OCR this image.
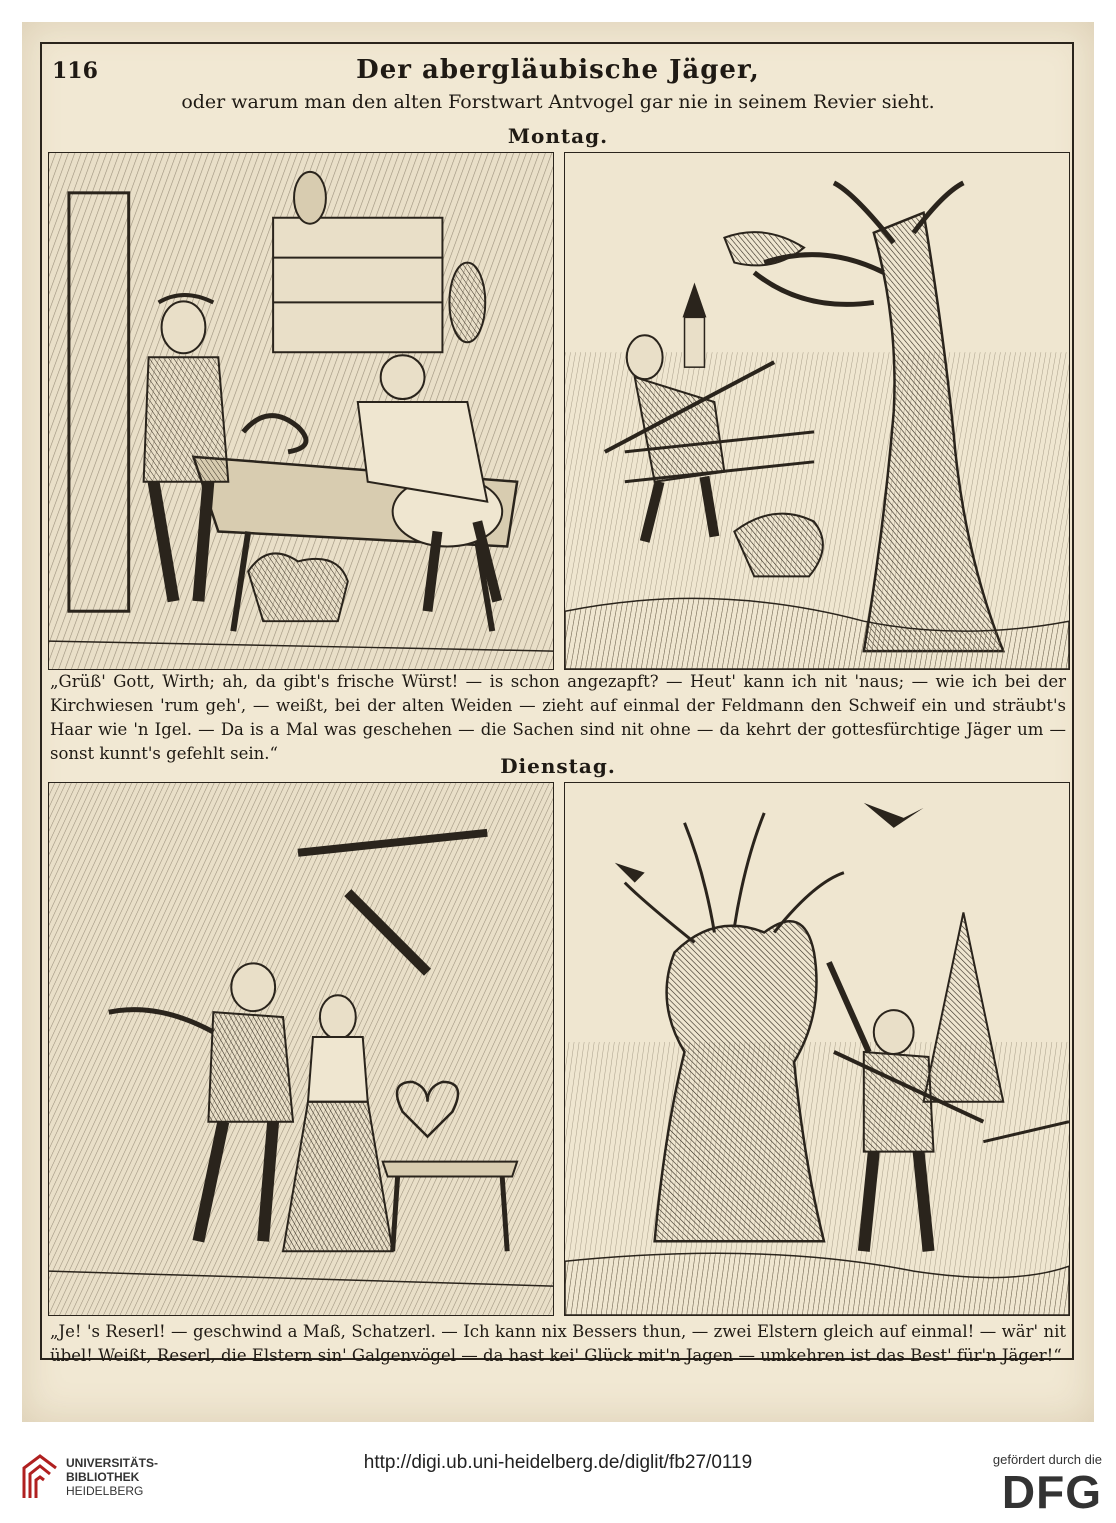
116	Der abergläubische Jäger,
oder warum man den alten Forstwart Antvogel gar nie in seinem Revier sieht.
Montag.
„Grüß' Gott, Wirth; ah, da gibt's frische Würst! — is schon angezapft? — Heut' kann ich nit 'naus; — wie ich bei der Kirchwiesen 'rum geh', — weißt, bei der alten Weiden — zieht auf einmal der Feldmann den Schweif ein und sträubt's Haar wie 'n Igel. — Da is a Mal was geschehen — die Sachen sind nit ohne — da kehrt der gottesfürchtige Jäger um — sonst kunnt's gefehlt sein.“
Dienstag.
„Je! 's Reserl! — geschwind a Maß, Schatzerl. — Ich kann nix Bessers thun, — zwei Elstern gleich auf einmal! — wär' nit übel! Weißt, Reserl, die Elstern sin' Galgenvögel — da hast kei' Glück mit'n Jagen — umkehren ist das Best' für'n Jäger!“
UNIVERSITÄTS-
BIBLIOTHEK
HEIDELBERG
http://digi.ub.uni-heidelberg.de/diglit/fb27/0119	gefördert durch die
DFG
